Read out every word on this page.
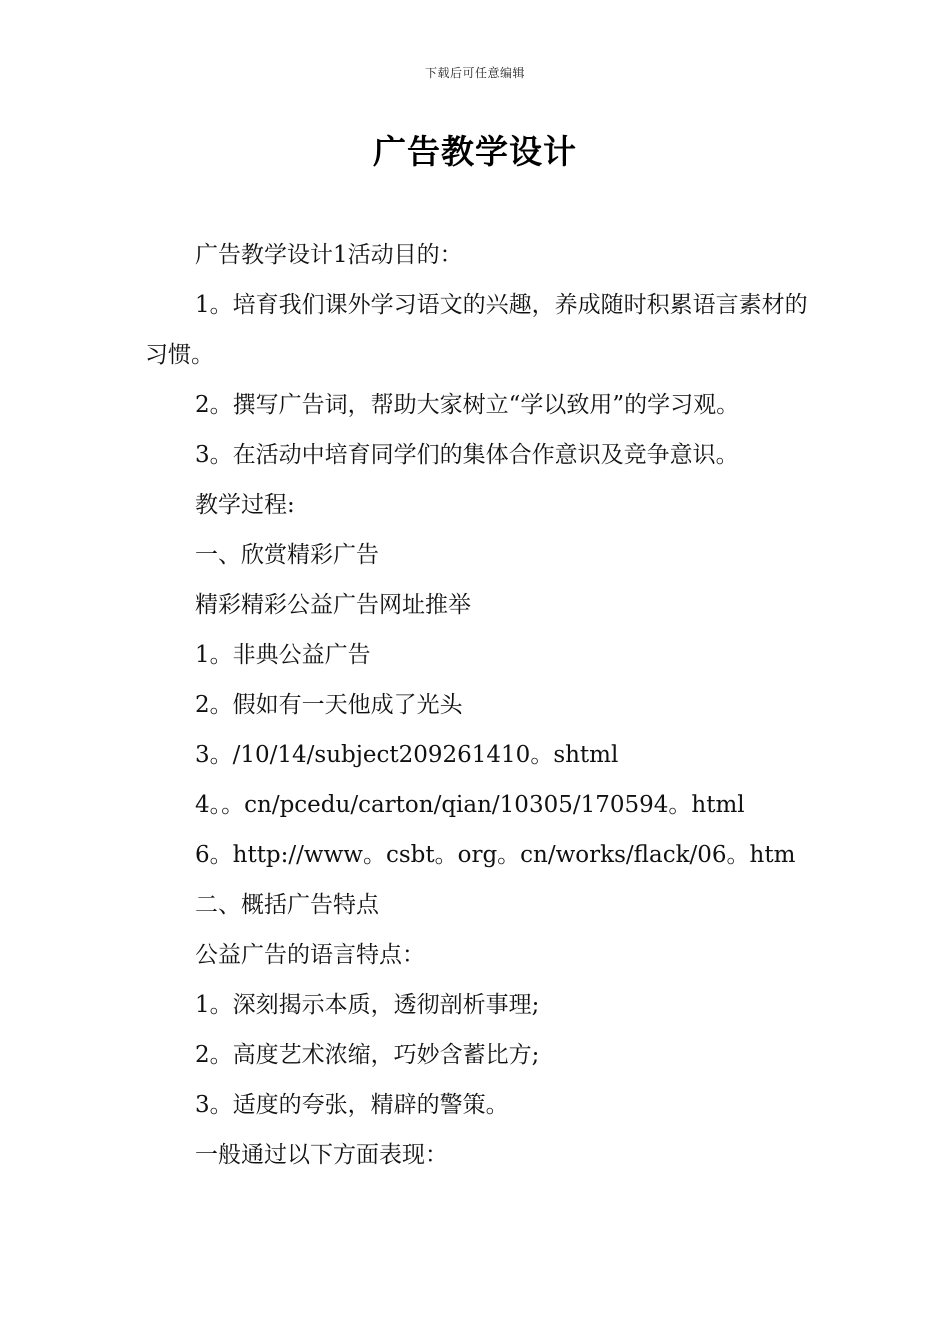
下载后可任意编辑
广告教学设计

广告教学设计1活动目的：

1。培育我们课外学习语文的兴趣，养成随时积累语言素材的习惯。

2。撰写广告词，帮助大家树立“学以致用”的学习观。

3。在活动中培育同学们的集体合作意识及竞争意识。

教学过程:

一、欣赏精彩广告

精彩精彩公益广告网址推举

1。非典公益广告

2。假如有一天他成了光头

3。/10/14/subject209261410。shtml

4。。cn/pcedu/carton/qian/10305/170594。html

6。http://www。csbt。org。cn/works/flack/06。htm

二、概括广告特点

公益广告的语言特点：

1。深刻揭示本质，透彻剖析事理;

2。高度艺术浓缩，巧妙含蓄比方;

3。适度的夸张，精辟的警策。

一般通过以下方面表现：
